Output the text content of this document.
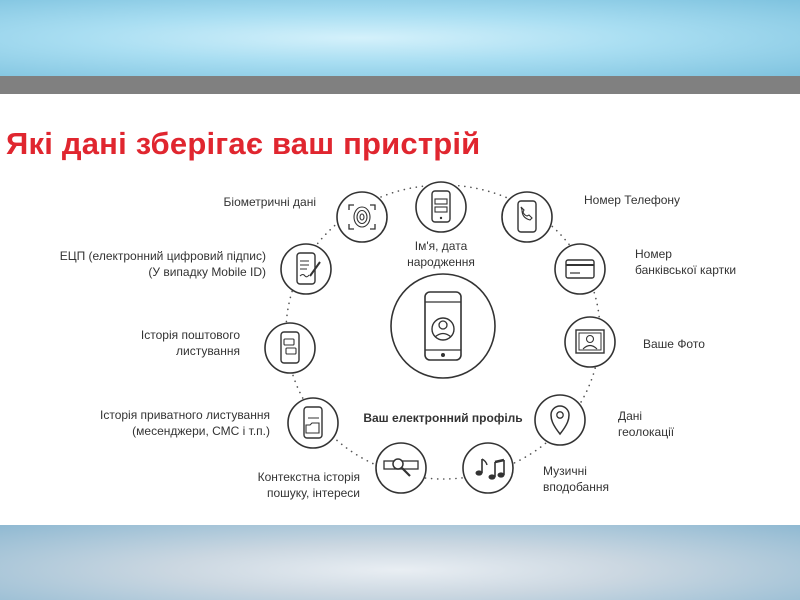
Які дані зберігає ваш пристрій
Ім'я, дата
народження
Номер Телефону
Номер
банківської картки
Ваше Фото
Дані
геолокації
Музичні
вподобання
Контекстна історія
пошуку, інтереси
Історія приватного листування
(месенджери, СМС і т.п.)
Історія поштового
листування
ЕЦП (електронний цифровий підпис)
(У випадку Mobile ID)
Біометричні дані
Ваш електронний профіль
